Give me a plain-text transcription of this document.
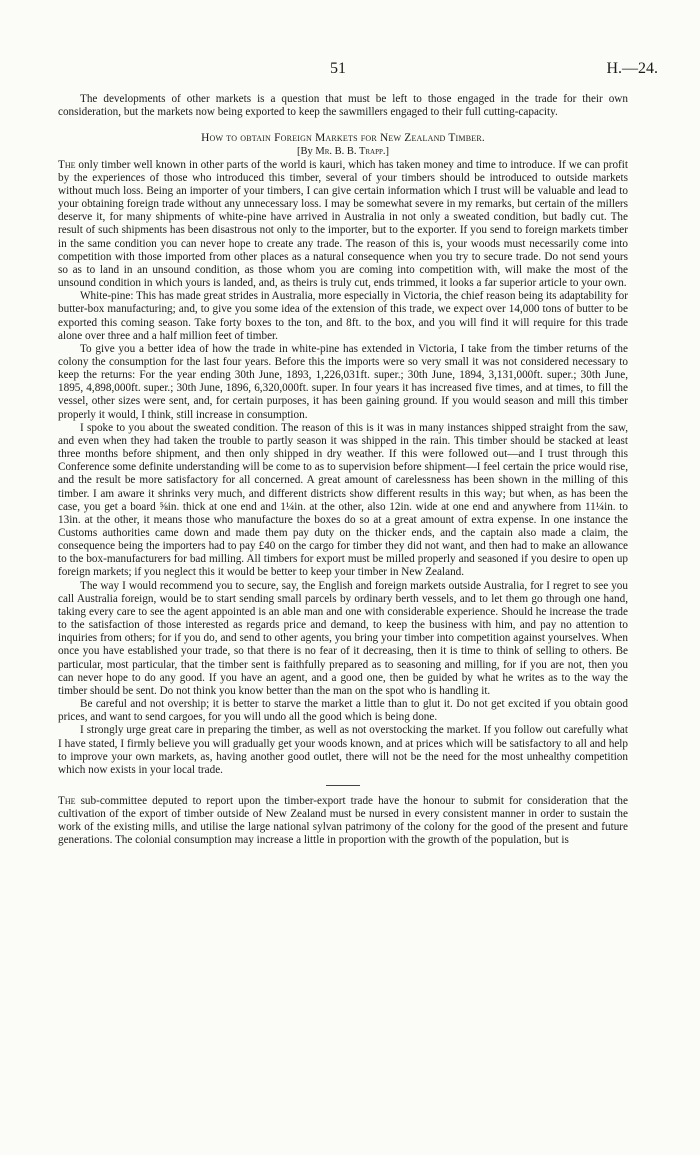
51	H.—24.

The developments of other markets is a question that must be left to those engaged in the trade for their own consideration, but the markets now being exported to keep the sawmillers engaged to their full cutting-capacity.

How to obtain Foreign Markets for New Zealand Timber.

[By Mr. B. B. Trapp.]

The only timber well known in other parts of the world is kauri, which has taken money and time to introduce. If we can profit by the experiences of those who introduced this timber, several of your timbers should be introduced to outside markets without much loss. Being an importer of your timbers, I can give certain information which I trust will be valuable and lead to your obtaining foreign trade without any unnecessary loss. I may be somewhat severe in my remarks, but certain of the millers deserve it, for many shipments of white-pine have arrived in Australia in not only a sweated condition, but badly cut. The result of such shipments has been disastrous not only to the importer, but to the exporter. If you send to foreign markets timber in the same condition you can never hope to create any trade. The reason of this is, your woods must necessarily come into competition with those imported from other places as a natural consequence when you try to secure trade. Do not send yours so as to land in an unsound condition, as those whom you are coming into competition with, will make the most of the unsound condition in which yours is landed, and, as theirs is truly cut, ends trimmed, it looks a far superior article to your own.

White-pine: This has made great strides in Australia, more especially in Victoria, the chief reason being its adaptability for butter-box manufacturing; and, to give you some idea of the extension of this trade, we expect over 14,000 tons of butter to be exported this coming season. Take forty boxes to the ton, and 8ft. to the box, and you will find it will require for this trade alone over three and a half million feet of timber.

To give you a better idea of how the trade in white-pine has extended in Victoria, I take from the timber returns of the colony the consumption for the last four years. Before this the imports were so very small it was not considered necessary to keep the returns: For the year ending 30th June, 1893, 1,226,031ft. super.; 30th June, 1894, 3,131,000ft. super.; 30th June, 1895, 4,898,000ft. super.; 30th June, 1896, 6,320,000ft. super. In four years it has increased five times, and at times, to fill the vessel, other sizes were sent, and, for certain purposes, it has been gaining ground. If you would season and mill this timber properly it would, I think, still increase in consumption.

I spoke to you about the sweated condition. The reason of this is it was in many instances shipped straight from the saw, and even when they had taken the trouble to partly season it was shipped in the rain. This timber should be stacked at least three months before shipment, and then only shipped in dry weather. If this were followed out—and I trust through this Conference some definite understanding will be come to as to supervision before shipment—I feel certain the price would rise, and the result be more satisfactory for all concerned. A great amount of carelessness has been shown in the milling of this timber. I am aware it shrinks very much, and different districts show different results in this way; but when, as has been the case, you get a board ⅝in. thick at one end and 1¼in. at the other, also 12in. wide at one end and anywhere from 11¼in. to 13in. at the other, it means those who manufacture the boxes do so at a great amount of extra expense. In one instance the Customs authorities came down and made them pay duty on the thicker ends, and the captain also made a claim, the consequence being the importers had to pay £40 on the cargo for timber they did not want, and then had to make an allowance to the box-manufacturers for bad milling. All timbers for export must be milled properly and seasoned if you desire to open up foreign markets; if you neglect this it would be better to keep your timber in New Zealand.

The way I would recommend you to secure, say, the English and foreign markets outside Australia, for I regret to see you call Australia foreign, would be to start sending small parcels by ordinary berth vessels, and to let them go through one hand, taking every care to see the agent appointed is an able man and one with considerable experience. Should he increase the trade to the satisfaction of those interested as regards price and demand, to keep the business with him, and pay no attention to inquiries from others; for if you do, and send to other agents, you bring your timber into competition against yourselves. When once you have established your trade, so that there is no fear of it decreasing, then it is time to think of selling to others. Be particular, most particular, that the timber sent is faithfully prepared as to seasoning and milling, for if you are not, then you can never hope to do any good. If you have an agent, and a good one, then be guided by what he writes as to the way the timber should be sent. Do not think you know better than the man on the spot who is handling it.

Be careful and not overship; it is better to starve the market a little than to glut it. Do not get excited if you obtain good prices, and want to send cargoes, for you will undo all the good which is being done.

I strongly urge great care in preparing the timber, as well as not overstocking the market. If you follow out carefully what I have stated, I firmly believe you will gradually get your woods known, and at prices which will be satisfactory to all and help to improve your own markets, as, having another good outlet, there will not be the need for the most unhealthy competition which now exists in your local trade.

The sub-committee deputed to report upon the timber-export trade have the honour to submit for consideration that the cultivation of the export of timber outside of New Zealand must be nursed in every consistent manner in order to sustain the work of the existing mills, and utilise the large national sylvan patrimony of the colony for the good of the present and future generations. The colonial consumption may increase a little in proportion with the growth of the population, but is
